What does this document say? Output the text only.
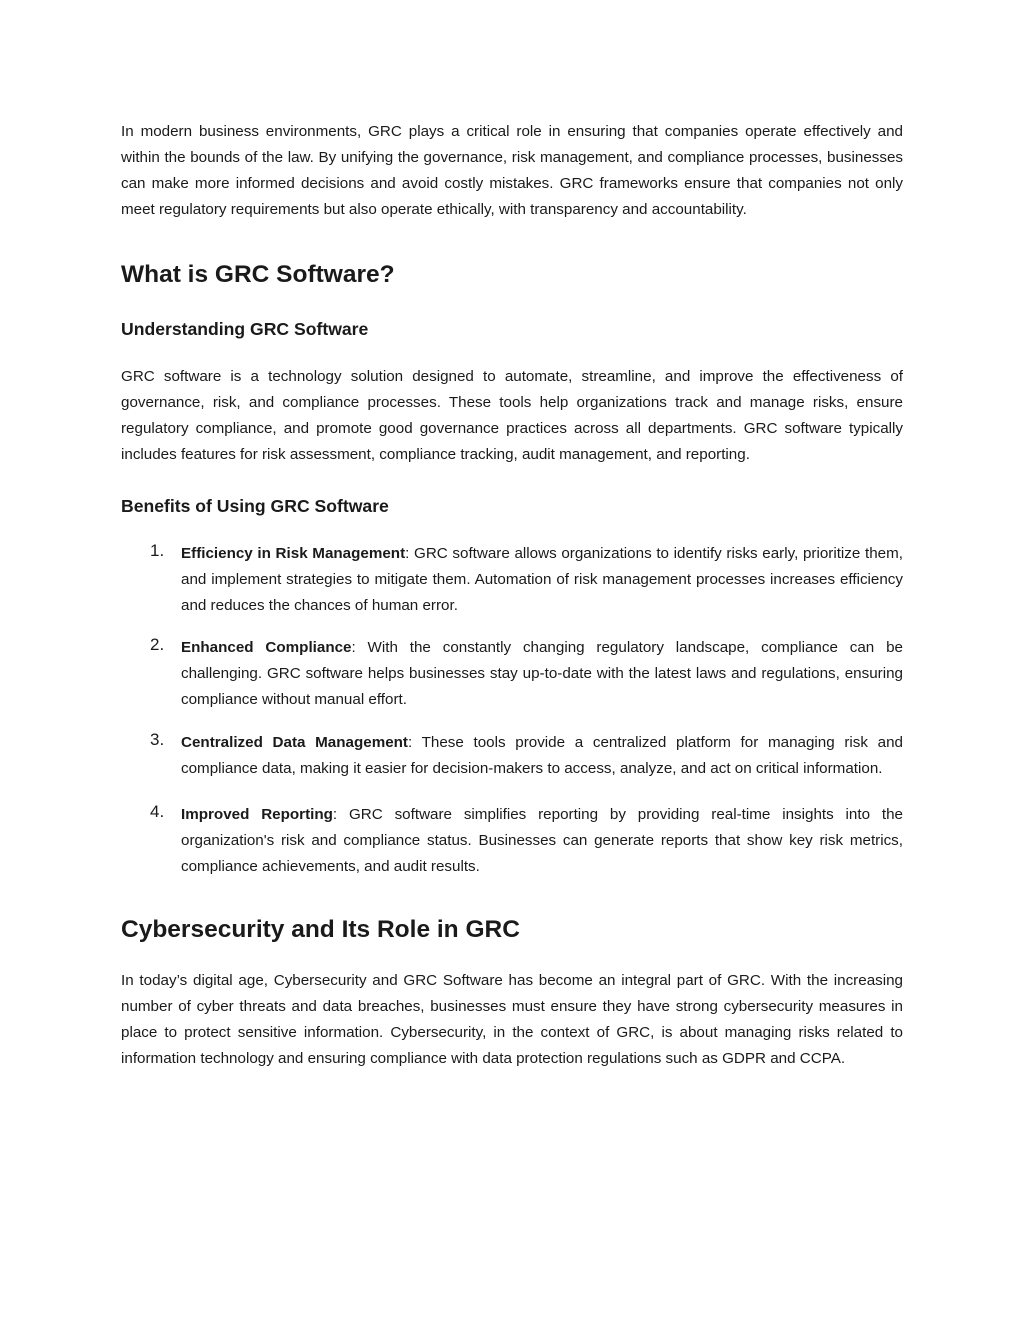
In modern business environments, GRC plays a critical role in ensuring that companies operate effectively and within the bounds of the law. By unifying the governance, risk management, and compliance processes, businesses can make more informed decisions and avoid costly mistakes. GRC frameworks ensure that companies not only meet regulatory requirements but also operate ethically, with transparency and accountability.

What is GRC Software?
Understanding GRC Software

GRC software is a technology solution designed to automate, streamline, and improve the effectiveness of governance, risk, and compliance processes. These tools help organizations track and manage risks, ensure regulatory compliance, and promote good governance practices across all departments. GRC software typically includes features for risk assessment, compliance tracking, audit management, and reporting.

Benefits of Using GRC Software
1. Efficiency in Risk Management: GRC software allows organizations to identify risks early, prioritize them, and implement strategies to mitigate them. Automation of risk management processes increases efficiency and reduces the chances of human error.
2. Enhanced Compliance: With the constantly changing regulatory landscape, compliance can be challenging. GRC software helps businesses stay up-to-date with the latest laws and regulations, ensuring compliance without manual effort.
3. Centralized Data Management: These tools provide a centralized platform for managing risk and compliance data, making it easier for decision-makers to access, analyze, and act on critical information.
4. Improved Reporting: GRC software simplifies reporting by providing real-time insights into the organization's risk and compliance status. Businesses can generate reports that show key risk metrics, compliance achievements, and audit results.
Cybersecurity and Its Role in GRC

In today’s digital age, Cybersecurity and GRC Software has become an integral part of GRC. With the increasing number of cyber threats and data breaches, businesses must ensure they have strong cybersecurity measures in place to protect sensitive information. Cybersecurity, in the context of GRC, is about managing risks related to information technology and ensuring compliance with data protection regulations such as GDPR and CCPA.
